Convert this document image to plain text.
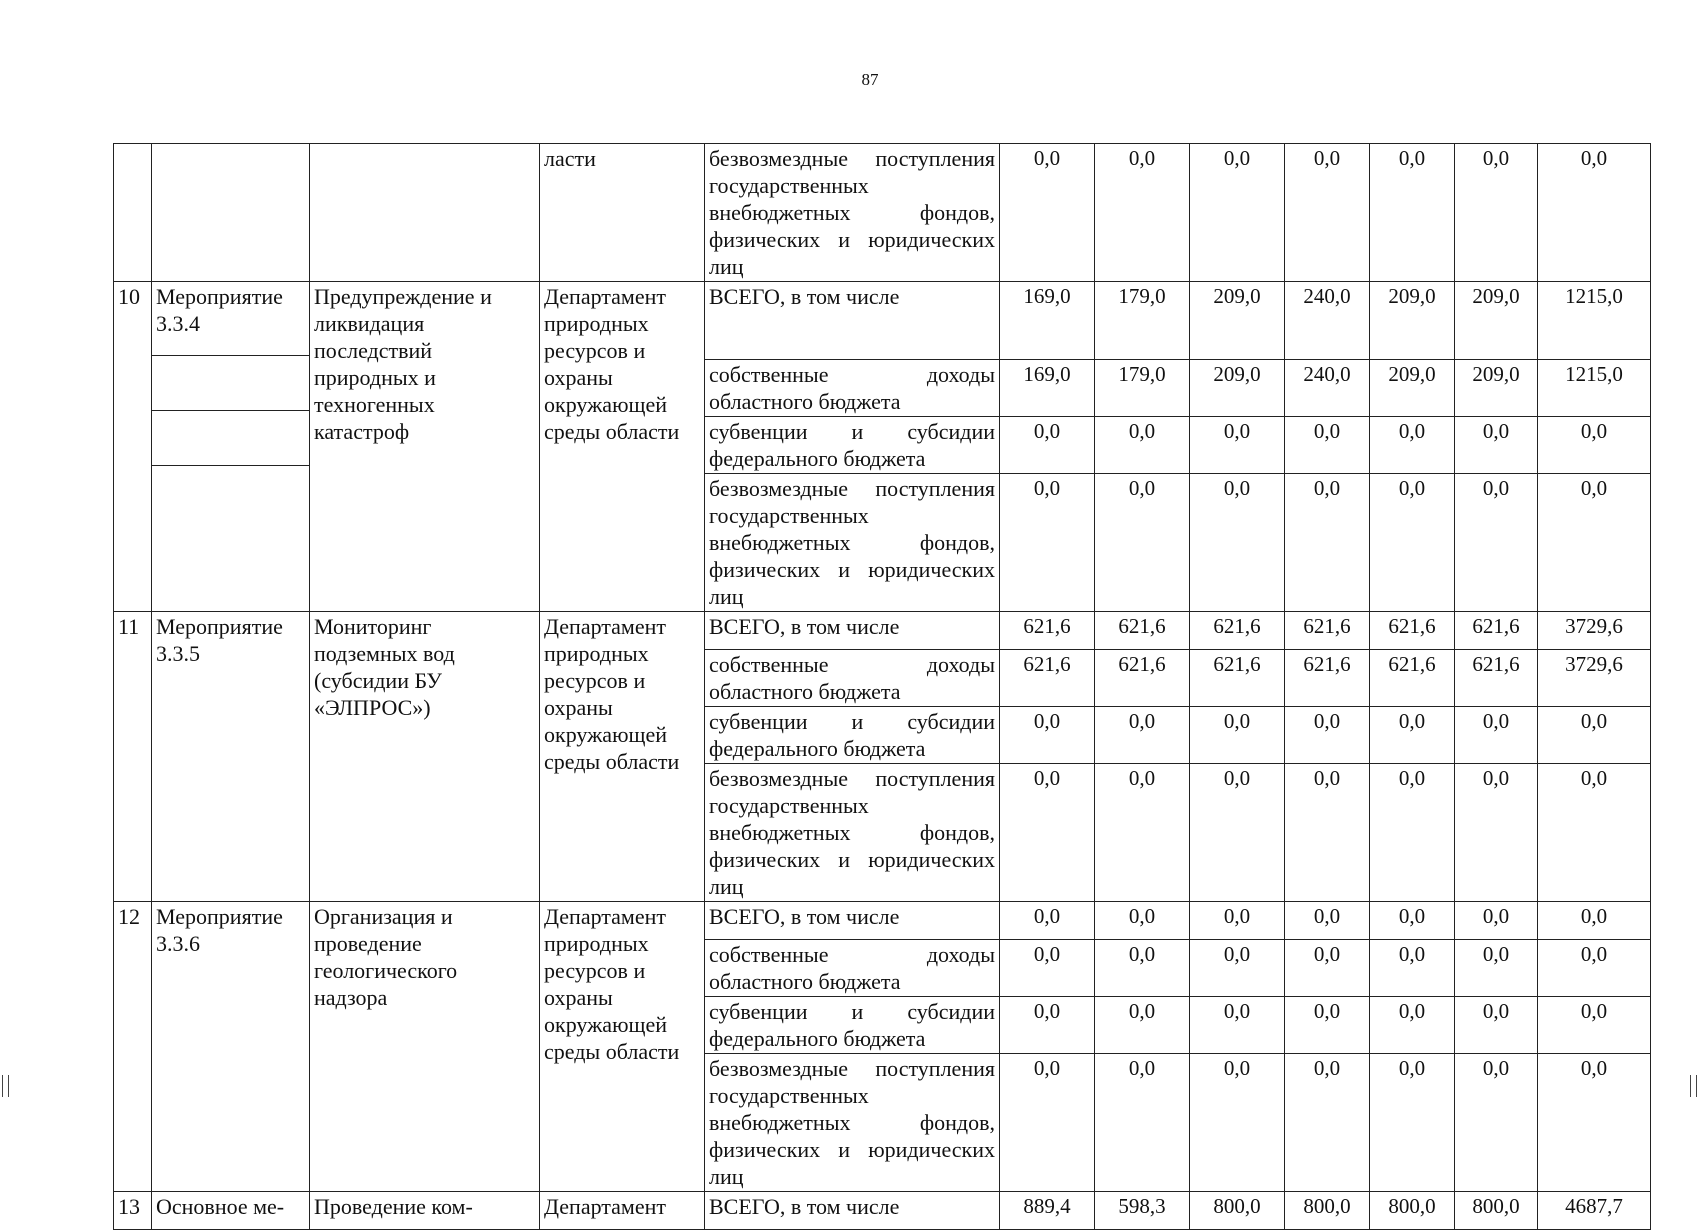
87
			ласти	безвозмездные поступления государственных внебюджетных фондов, физических и юридических лиц	0,0	0,0	0,0	0,0	0,0	0,0	0,0
10	Мероприятие 3.3.4	Предупреждение и ликвидация последствий природных и техногенных катастроф	Департамент природных ресурсов и охраны окружающей среды области	ВСЕГО, в том числе	169,0	179,0	209,0	240,0	209,0	209,0	1215,0
				собственные доходы областного бюджета	169,0	179,0	209,0	240,0	209,0	209,0	1215,0
				субвенции и субсидии федерального бюджета	0,0	0,0	0,0	0,0	0,0	0,0	0,0
				безвозмездные поступления государственных внебюджетных фондов, физических и юридических лиц	0,0	0,0	0,0	0,0	0,0	0,0	0,0
11	Мероприятие 3.3.5	Мониторинг подземных вод (субсидии БУ «ЭЛПРОС»)	Департамент природных ресурсов и охраны окружающей среды области	ВСЕГО, в том числе	621,6	621,6	621,6	621,6	621,6	621,6	3729,6
				собственные доходы областного бюджета	621,6	621,6	621,6	621,6	621,6	621,6	3729,6
				субвенции и субсидии федерального бюджета	0,0	0,0	0,0	0,0	0,0	0,0	0,0
				безвозмездные поступления государственных внебюджетных фондов, физических и юридических лиц	0,0	0,0	0,0	0,0	0,0	0,0	0,0
12	Мероприятие 3.3.6	Организация и проведение геологического надзора	Департамент природных ресурсов и охраны окружающей среды области	ВСЕГО, в том числе	0,0	0,0	0,0	0,0	0,0	0,0	0,0
				собственные доходы областного бюджета	0,0	0,0	0,0	0,0	0,0	0,0	0,0
				субвенции и субсидии федерального бюджета	0,0	0,0	0,0	0,0	0,0	0,0	0,0
				безвозмездные поступления государственных внебюджетных фондов, физических и юридических лиц	0,0	0,0	0,0	0,0	0,0	0,0	0,0
13	Основное ме-	Проведение ком-	Департамент	ВСЕГО, в том числе	889,4	598,3	800,0	800,0	800,0	800,0	4687,7
